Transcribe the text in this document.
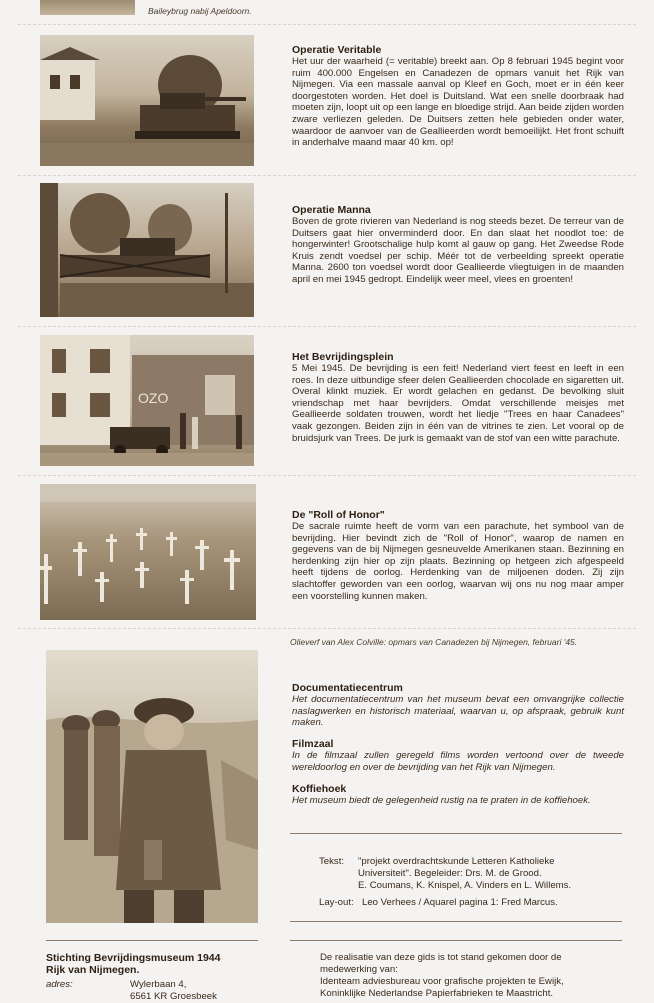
Baileybrug nabij Apeldoorn.
Operatie Veritable

Het uur der waarheid (= veritable) breekt aan. Op 8 februari 1945 begint voor ruim 400.000 Engelsen en Canadezen de opmars vanuit het Rijk van Nijmegen. Via een massale aanval op Kleef en Goch, moet er in één keer doorgestoten worden. Het doel is Duitsland. Wat een snelle doorbraak had moeten zijn, loopt uit op een lange en bloedige strijd. Aan beide zijden worden zware verliezen geleden. De Duitsers zetten hele gebieden onder water, waardoor de aanvoer van de Geallieerden wordt bemoeilijkt. Het front schuift in anderhalve maand maar 40 km. op!

Operatie Manna

Boven de grote rivieren van Nederland is nog steeds bezet. De terreur van de Duitsers gaat hier onverminderd door. En dan slaat het noodlot toe: de hongerwinter! Grootschalige hulp komt al gauw op gang. Het Zweedse Rode Kruis zendt voedsel per schip. Méér tot de verbeelding spreekt operatie Manna. 2600 ton voedsel wordt door Geallieerde vliegtuigen in de maanden april en mei 1945 gedropt. Eindelijk weer meel, vlees en groenten!

OZO
Het Bevrijdingsplein

5 Mei 1945. De bevrijding is een feit! Nederland viert feest en leeft in een roes. In deze uitbundige sfeer delen Geallieerden chocolade en sigaretten uit. Overal klinkt muziek. Er wordt gelachen en gedanst. De bevolking sluit vriendschap met haar bevrijders. Omdat verschillende meisjes met Geallieerde soldaten trouwen, wordt het liedje "Trees en haar Canadees" vaak gezongen. Beiden zijn in één van de vitrines te zien. Let vooral op de bruidsjurk van Trees. De jurk is gemaakt van de stof van een witte parachute.

De "Roll of Honor"

De sacrale ruimte heeft de vorm van een parachute, het symbool van de bevrijding. Hier bevindt zich de "Roll of Honor", waarop de namen en gegevens van de bij Nijmegen gesneuvelde Amerikanen staan. Bezinning en herdenking zijn hier op zijn plaats. Bezinning op hetgeen zich afgespeeld heeft tijdens de oorlog. Herdenking van de miljoenen doden. Zij zijn slachtoffer geworden van een oorlog, waarvan wij ons nu nog maar amper een voorstelling kunnen maken.

Olieverf van Alex Colville: opmars van Canadezen bij Nijmegen, februari '45.
Documentatiecentrum

Het documentatiecentrum van het museum bevat een omvangrijke collectie naslagwerken en historisch materiaal, waarvan u, op afspraak, gebruik kunt maken.

Filmzaal

In de filmzaal zullen geregeld films worden vertoond over de tweede wereldoorlog en over de bevrijding van het Rijk van Nijmegen.

Koffiehoek

Het museum biedt de gelegenheid rustig na te praten in de koffiehoek.

Tekst: "projekt overdrachtskunde Letteren Katholieke
Universiteit". Begeleider: Drs. M. de Grood.
E. Coumans, K. Knispel, A. Vinders en L. Willems.
Lay-out: Leo Verhees / Aquarel pagina 1: Fred Marcus.
Stichting Bevrijdingsmuseum 1944
Rijk van Nijmegen.
adres:	Wylerbaan 4,
6561 KR Groesbeek
De realisatie van deze gids is tot stand gekomen door de
medewerking van:
Identeam adviesbureau voor grafische projekten te Ewijk,
Koninklijke Nederlandse Papierfabrieken te Maastricht.
